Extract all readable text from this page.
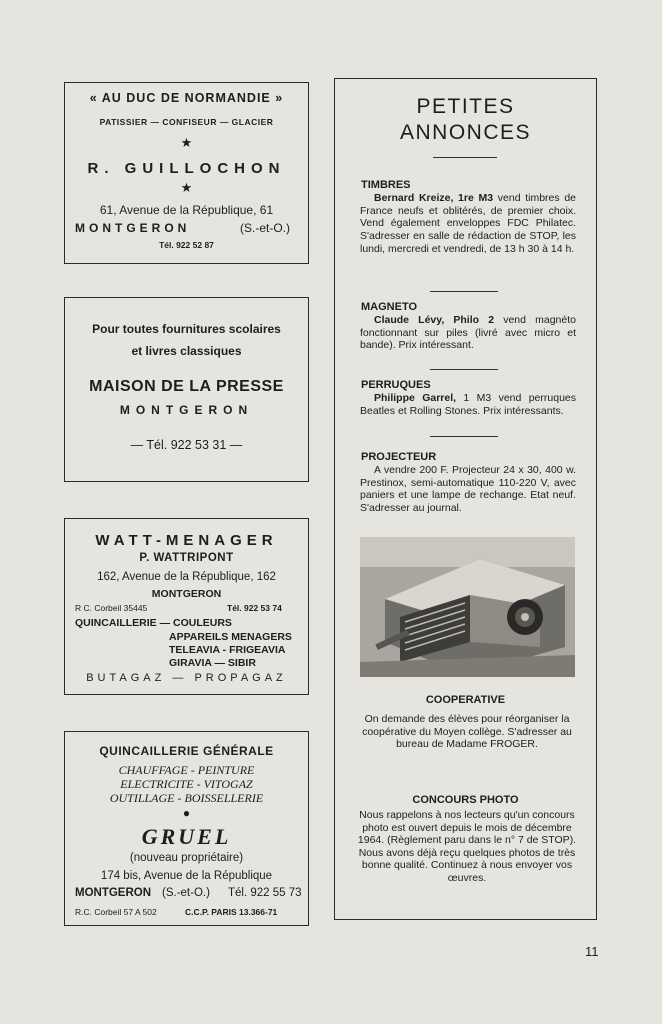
« AU DUC DE NORMANDIE »
PATISSIER — CONFISEUR — GLACIER
★
R. GUILLOCHON
★
61, Avenue de la République, 61
MONTGERON	(S.-et-O.)
Tél. 922 52 87
Pour toutes fournitures scolaires
et livres classiques
MAISON DE LA PRESSE
MONTGERON
— Tél. 922 53 31 —
WATT-MENAGER
P. WATTRIPONT
162, Avenue de la République, 162
MONTGERON
R C. Corbeil 35445	Tél. 922 53 74
QUINCAILLERIE — COULEURS
APPAREILS MENAGERS
TELEAVIA - FRIGEAVIA
GIRAVIA — SIBIR
BUTAGAZ — PROPAGAZ
QUINCAILLERIE GÉNÉRALE
CHAUFFAGE - PEINTURE
ELECTRICITE - VITOGAZ
OUTILLAGE - BOISSELLERIE
●
GRUEL
(nouveau propriétaire)
174 bis, Avenue de la République
MONTGERON (S.-et-O.) Tél. 922 55 73
R.C. Corbeil 57 A 502	C.C.P. PARIS 13.366-71
PETITES
ANNONCES
TIMBRES
Bernard Kreize, 1re M3 vend timbres de France neufs et oblitérés, de premier choix. Vend également enveloppes FDC Philatec. S'adresser en salle de rédaction de STOP, les lundi, mercredi et vendredi, de 13 h 30 à 14 h.
MAGNETO
Claude Lévy, Philo 2 vend magnéto fonctionnant sur piles (livré avec micro et bande). Prix intéressant.
PERRUQUES
Philippe Garrel, 1 M3 vend perruques Beatles et Rolling Stones. Prix intéressants.
PROJECTEUR
A vendre 200 F. Projecteur 24 x 30, 400 w. Prestinox, semi-automatique 110-220 V, avec paniers et une lampe de rechange. Etat neuf. S'adresser au journal.
COOPERATIVE
On demande des élèves pour réorganiser la coopérative du Moyen collège. S'adresser au bureau de Madame FROGER.
CONCOURS PHOTO
Nous rappelons à nos lecteurs qu'un concours photo est ouvert depuis le mois de décembre 1964. (Règlement paru dans le n° 7 de STOP). Nous avons déjà reçu quelques photos de très bonne qualité. Continuez à nous envoyer vos œuvres.
11
